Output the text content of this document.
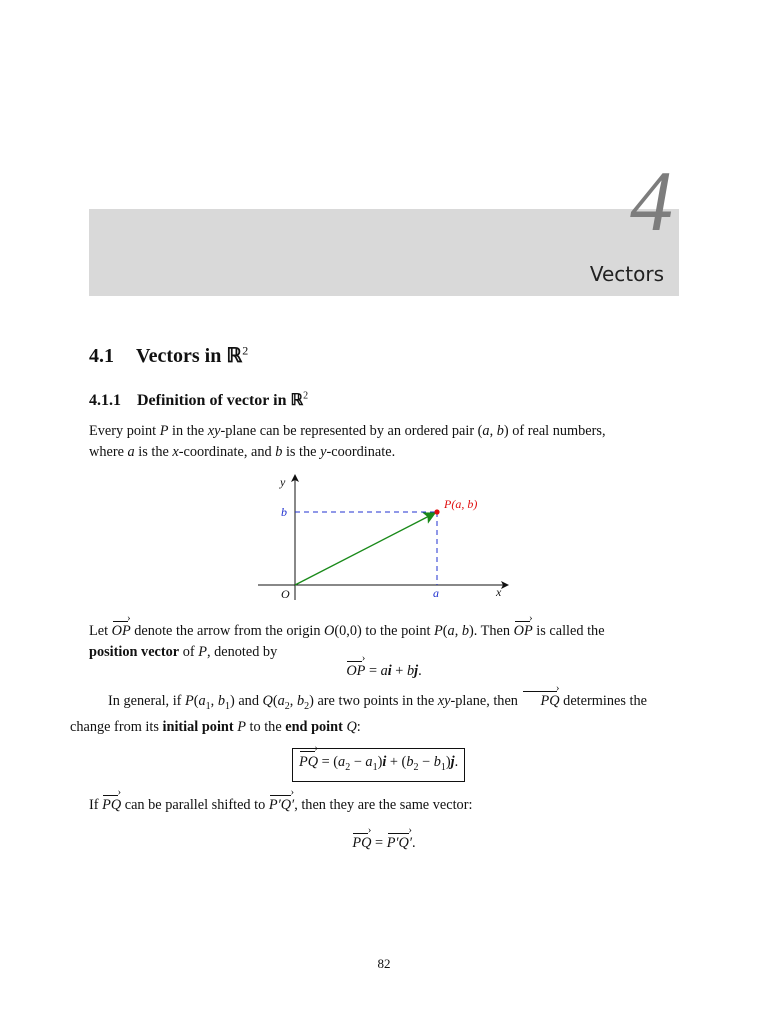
4
Vectors
4.1 Vectors in ℝ$^2$
4.1.1 Definition of vector in ℝ$^2$

Every point P in the xy-plane can be represented by an ordered pair (a, b) of real numbers,
where a is the x-coordinate, and b is the y-coordinate.

y
x
O	a
b
P(a, b)

Let OP › denote the arrow from the origin O(0,0) to the point P(a, b). Then OP › is called the
position vector of P, denoted by

OP › = ai + bj.

In general, if $P(a_1$, $b_1$) and $Q(a_2$, $b_2$) are two points in the xy-plane, then PQ › determines the
change from its initial point P to the end point Q:

PQ › = $(a_2 - a_1)i + (b_2 - b_1)j$.

If PQ › can be parallel shifted to P′Q′ ›, then they are the same vector:

PQ › = P′Q′ ›.

82
